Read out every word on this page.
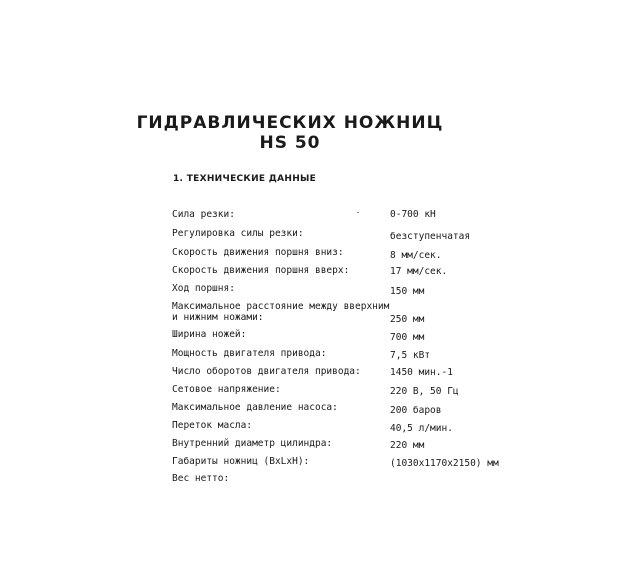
ГИДРАВЛИЧЕСКИХ НОЖНИЦ
HS 50
1. ТЕХНИЧЕСКИЕ ДАННЫЕ
Сила резки:	0-700 кН
Регулировка силы резки:	безступенчатая
Скорость движения поршня вниз:	8 мм/сек.
Скорость движения поршня вверх:	17 мм/сек.
Ход поршня:	150 мм
Максимальное расстояние между вверхним
и нижним ножами:	250 мм
Ширина ножей:	700 мм
Мощность двигателя привода:	7,5 кВт
Число оборотов двигателя привода:	1450 мин.-1
Сетовое напряжение:	220 В, 50 Гц
Максимальное давление насоса:	200 баров
Переток масла:	40,5 л/мин.
Внутренний диаметр цилиндра:	220 мм
Габариты ножниц (BxLxH):	(1030x1170x2150) мм
Вес нетто:
